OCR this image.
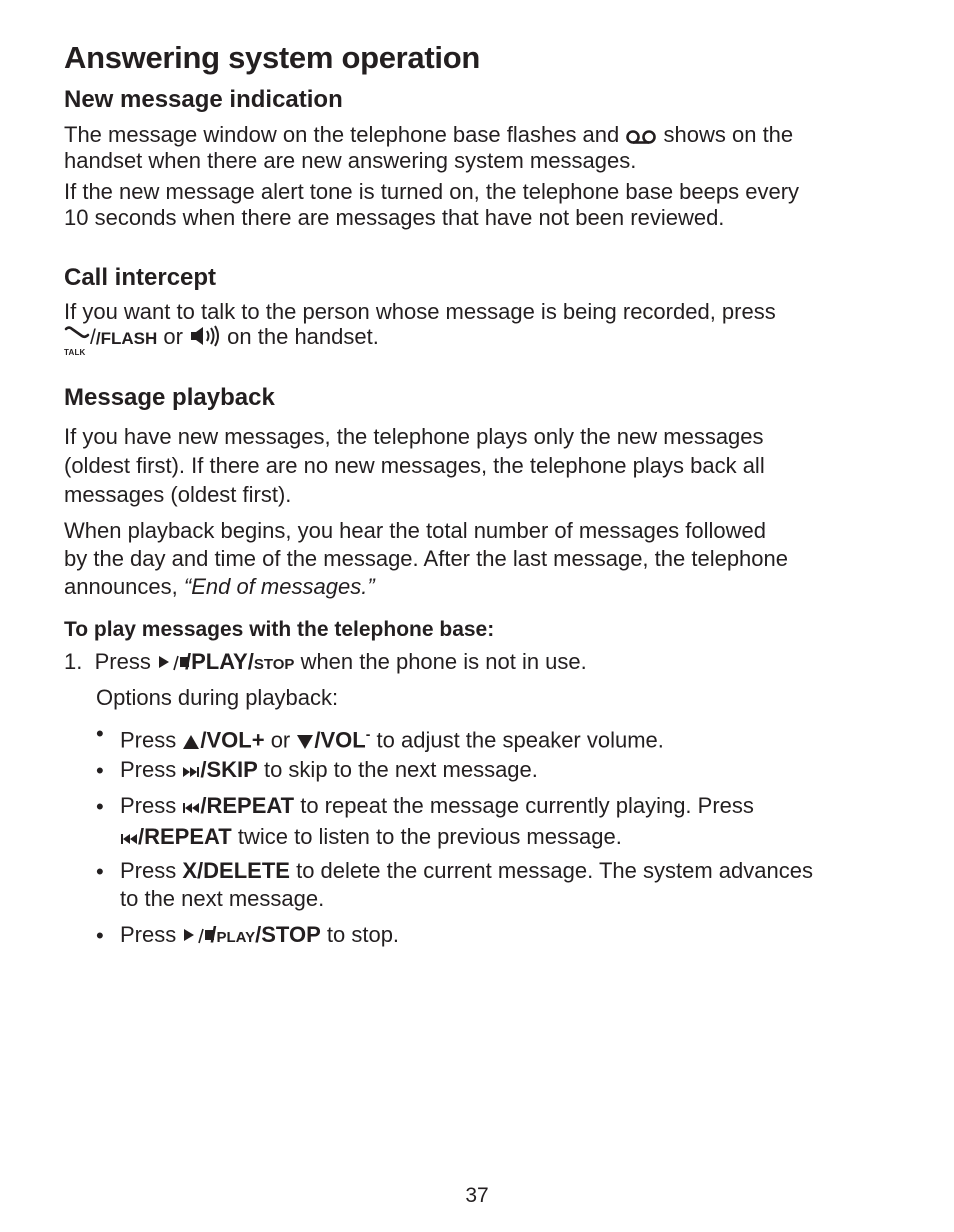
Answering system operation
New message indication

The message window on the telephone base flashes and shows on the

handset when there are new answering system messages.

If the new message alert tone is turned on, the telephone base beeps every

10 seconds when there are messages that have not been reviewed.

Call intercept

If you want to talk to the person whose message is being recorded, press

TALK
//FLASH or on the handset.

Message playback

If you have new messages, the telephone plays only the new messages

(oldest first). If there are no new messages, the telephone plays back all

messages (oldest first).

When playback begins, you hear the total number of messages followed

by the day and time of the message. After the last message, the telephone

announces, “End of messages.”

To play messages with the telephone base:

1. Press /PLAY/STOP when the phone is not in use.

Options during playback:

• Press /VOL+ or /VOL- to adjust the speaker volume.

• Press /SKIP to skip to the next message.

• Press /REPEAT to repeat the message currently playing. Press
/REPEAT twice to listen to the previous message.

• Press X/DELETE to delete the current message. The system advances
to the next message.

• Press /PLAY/STOP to stop.

37
